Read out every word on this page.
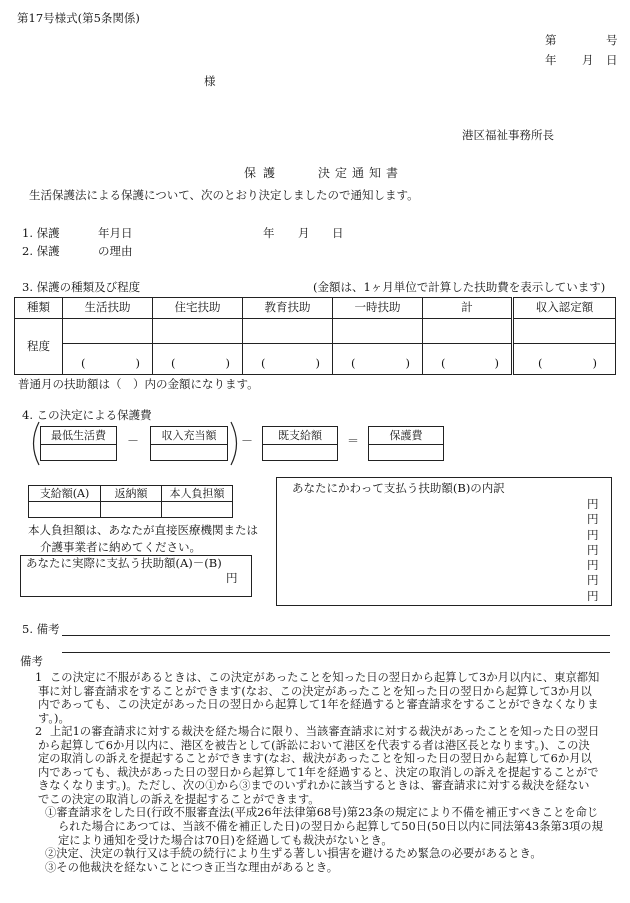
第17号様式(第5条関係)
第	号
年 月 日
様
港区福祉事務所長
保護	決定通知書
生活保護法による保護について、次のとおり決定しましたので通知します。
1. 保護	年月日	年 月 日
2. 保護	の理由
3. 保護の種類及び程度	(金額は、1ヶ月単位で計算した扶助費を表示しています)
種類	生活扶助	住宅扶助	教育扶助	一時扶助	計	収入認定額
程度						

	( )	( )	( )	( )	( )	( )
普通月の扶助額は（　）内の金額になります。
4. この決定による保護費
最低生活費	－	収入充当額	－	既支給額	＝	保護費
支給額(A)	返納額	本人負担額

本人負担額は、あなたが直接医療機関または
介護事業者に納めてください。
あなたに実際に支払う扶助額(A)－(B)
円
あなたにかわって支払う扶助額(B)の内訳
円
円
円
円
円
円
円
5. 備考
備考
1 この決定に不服があるときは、この決定があったことを知った日の翌日から起算して3か月以内に、東京都知
事に対し審査請求をすることができます(なお、この決定があったことを知った日の翌日から起算して3か月以
内であっても、この決定があった日の翌日から起算して1年を経過すると審査請求をすることができなくなりま
す。)。
2 上記1の審査請求に対する裁決を経た場合に限り、当該審査請求に対する裁決があったことを知った日の翌日
から起算して6か月以内に、港区を被告として(訴訟において港区を代表する者は港区長となります。)、この決
定の取消しの訴えを提起することができます(なお、裁決があったことを知った日の翌日から起算して6か月以
内であっても、裁決があった日の翌日から起算して1年を経過すると、決定の取消しの訴えを提起することがで
きなくなります。)。ただし、次の①から③までのいずれかに該当するときは、審査請求に対する裁決を経ない
でこの決定の取消しの訴えを提起することができます。
①審査請求をした日(行政不服審査法(平成26年法律第68号)第23条の規定により不備を補正すべきことを命じ
られた場合にあつては、当該不備を補正した日)の翌日から起算して50日(50日以内に同法第43条第3項の規
定により通知を受けた場合は70日)を経過しても裁決がないとき。
②決定、決定の執行又は手続の続行により生ずる著しい損害を避けるため緊急の必要があるとき。
③その他裁決を経ないことにつき正当な理由があるとき。
